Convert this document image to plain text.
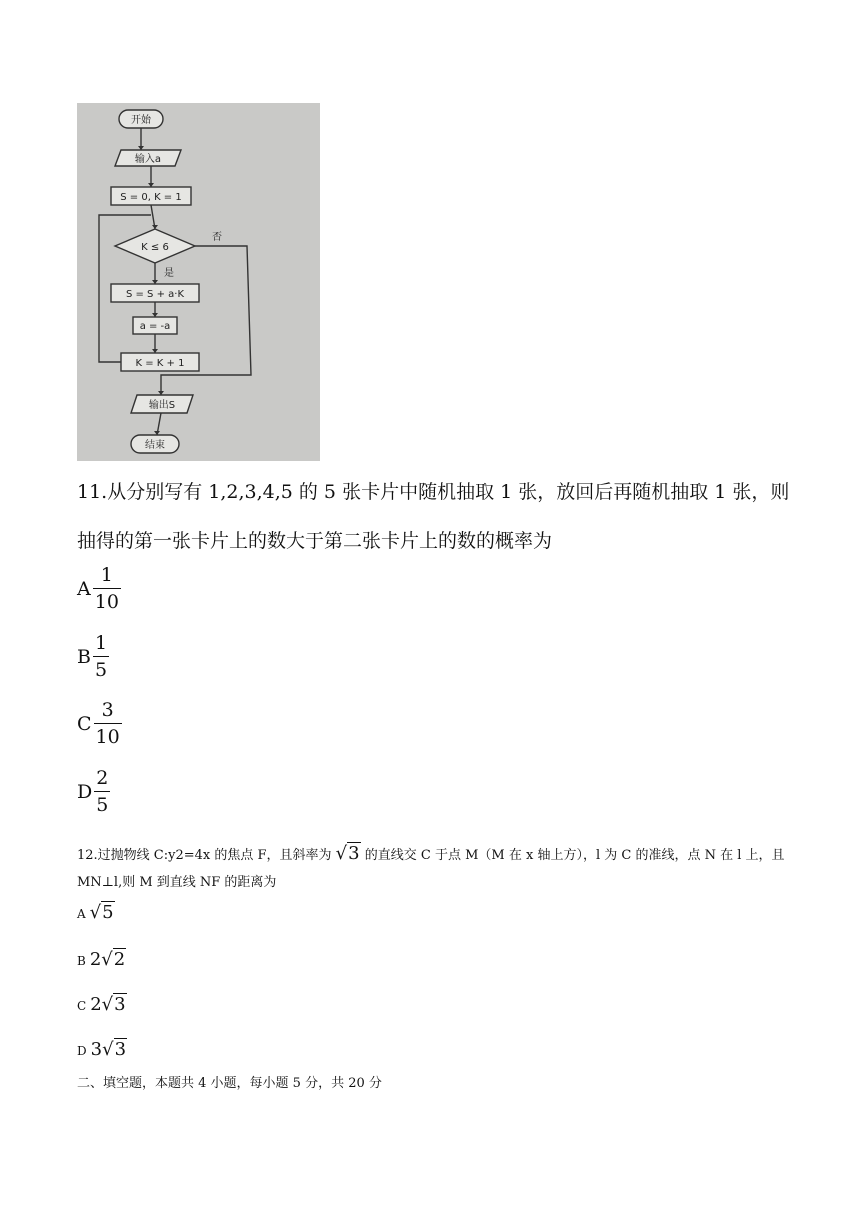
开始
输入a
S = 0, K = 1
K ≤ 6
否
是
S = S + a·K
a = -a
K = K + 1
输出S
结束
11.从分别写有 1,2,3,4,5 的 5 张卡片中随机抽取 1 张，放回后再随机抽取 1 张，则抽得的第一张卡片上的数大于第二张卡片上的数的概率为
A $\frac{1}{10}$
B $\frac{1}{5}$
C $\frac{3}{10}$
D $\frac{2}{5}$
12.过抛物线 C:y2=4x 的焦点 F，且斜率为 √3 的直线交 C 于点 M（M 在 x 轴上方），l 为 C 的准线，点 N 在 l 上，且 MN⊥l,则 M 到直线 NF 的距离为
A √5
B 2√2
C 2√3
D 3√3
二、填空题，本题共 4 小题，每小题 5 分，共 20 分
